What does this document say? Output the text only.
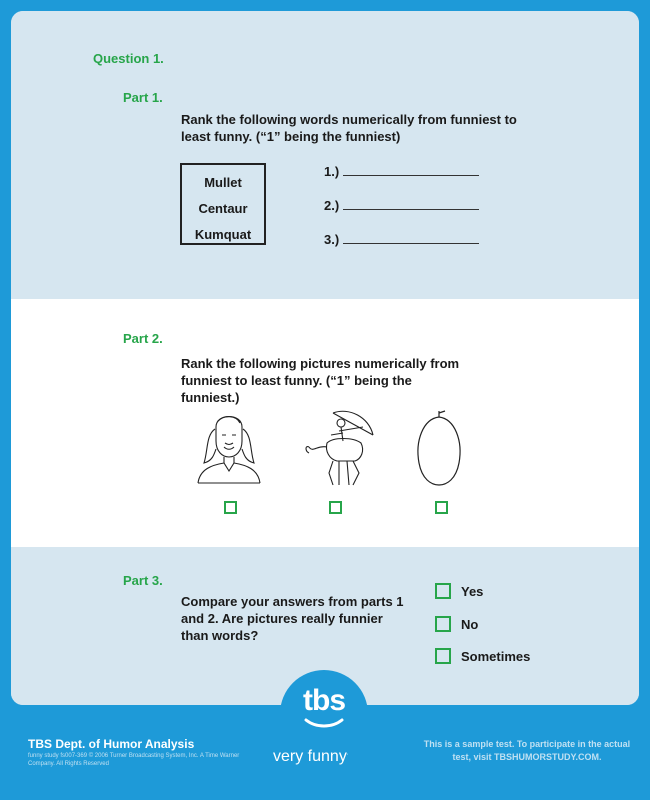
Question 1.
Part 1.
Rank the following words numerically from funniest to least funny. (“1” being the funniest)
Mullet
Centaur
Kumquat
1.)
2.)
3.)
Part 2.
Rank the following pictures numerically from funniest to least funny. (“1” being the funniest.)
Part 3.
Compare your answers from parts 1 and 2. Are pictures really funnier than words?
Yes
No
Sometimes
tbs
very funny.
TBS Dept. of Humor Analysis
funny study fs007-369 © 2006 Turner Broadcasting System, Inc. A Time Warner Company. All Rights Reserved
This is a sample test. To participate in the actual test, visit TBSHUMORSTUDY.COM.
